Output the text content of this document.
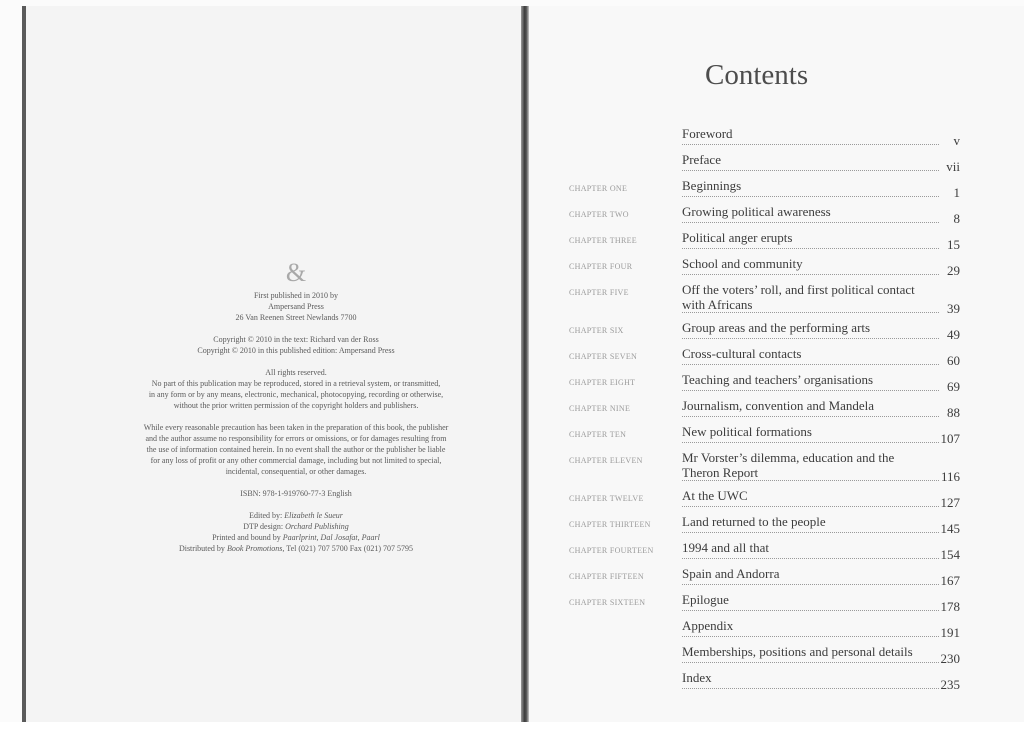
&

First published in 2010 by
Ampersand Press
26 Van Reenen Street Newlands 7700

Copyright © 2010 in the text: Richard van der Ross
Copyright © 2010 in this published edition: Ampersand Press

All rights reserved.
No part of this publication may be reproduced, stored in a retrieval system, or transmitted,
in any form or by any means, electronic, mechanical, photocopying, recording or otherwise,
without the prior written permission of the copyright holders and publishers.

While every reasonable precaution has been taken in the preparation of this book, the publisher
and the author assume no responsibility for errors or omissions, or for damages resulting from
the use of information contained herein. In no event shall the author or the publisher be liable
for any loss of profit or any other commercial damage, including but not limited to special,
incidental, consequential, or other damages.

ISBN: 978-1-919760-77-3 English

Edited by: Elizabeth le Sueur
DTP design: Orchard Publishing
Printed and bound by Paarlprint, Dal Josafat, Paarl
Distributed by Book Promotions, Tel (021) 707 5700 Fax (021) 707 5795

Contents
Foreword	v
Preface	vii
CHAPTER ONE	Beginnings	1
CHAPTER TWO	Growing political awareness	8
CHAPTER THREE	Political anger erupts	15
CHAPTER FOUR	School and community	29
CHAPTER FIVE	Off the voters’ roll, and first political contact with Africans	39
CHAPTER SIX	Group areas and the performing arts	49
CHAPTER SEVEN	Cross-cultural contacts	60
CHAPTER EIGHT	Teaching and teachers’ organisations	69
CHAPTER NINE	Journalism, convention and Mandela	88
CHAPTER TEN	New political formations	107
CHAPTER ELEVEN	Mr Vorster’s dilemma, education and the Theron Report	116
CHAPTER TWELVE	At the UWC	127
CHAPTER THIRTEEN Land returned to the people	145
CHAPTER FOURTEEN 1994 and all that	154
CHAPTER FIFTEEN	Spain and Andorra	167
CHAPTER SIXTEEN	Epilogue	178
Appendix	191
Memberships, positions and personal details	230
Index	235
